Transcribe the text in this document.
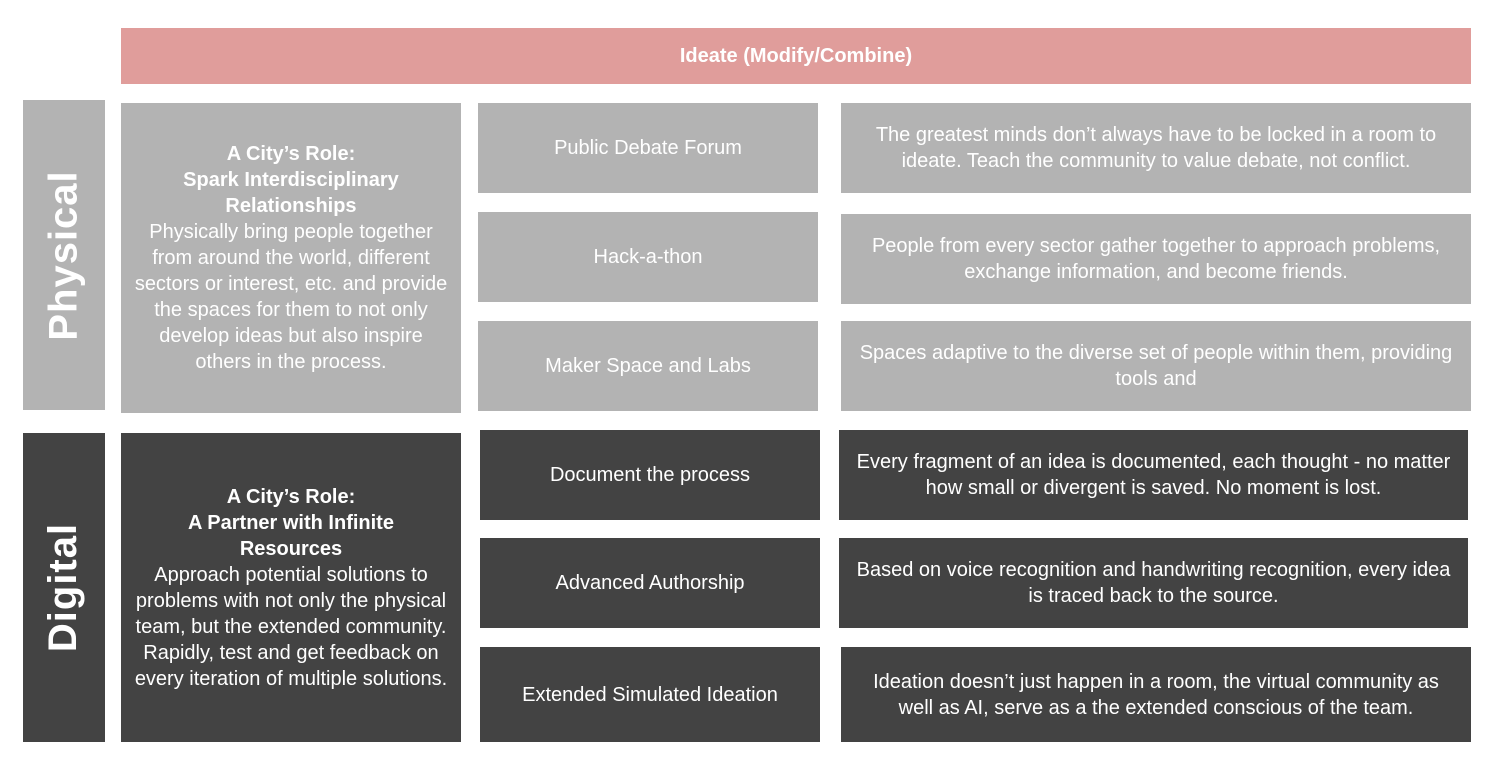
Ideate (Modify/Combine)
Physical
A City’s Role:
Spark Interdisciplinary
Relationships
Physically bring people together from around the world, different sectors or interest, etc. and provide the spaces for them to not only develop ideas but also inspire others in the process.
Public Debate Forum
The greatest minds don’t always have to be locked in a room to ideate. Teach the community to value debate, not conflict.
Hack-a-thon	People from every sector gather together to approach problems, exchange information, and become friends.
Maker Space and Labs
Spaces adaptive to the diverse set of people within them, providing tools and
Digital
A City’s Role:
A Partner with Infinite
Resources
Approach potential solutions to problems with not only the physical team, but the extended community. Rapidly, test and get feedback on every iteration of multiple solutions.
Document the process
Every fragment of an idea is documented, each thought - no matter how small or divergent is saved. No moment is lost.
Advanced Authorship
Based on voice recognition and handwriting recognition, every idea is traced back to the source.
Extended Simulated Ideation
Ideation doesn’t just happen in a room, the virtual community as well as AI, serve as a the extended conscious of the team.
